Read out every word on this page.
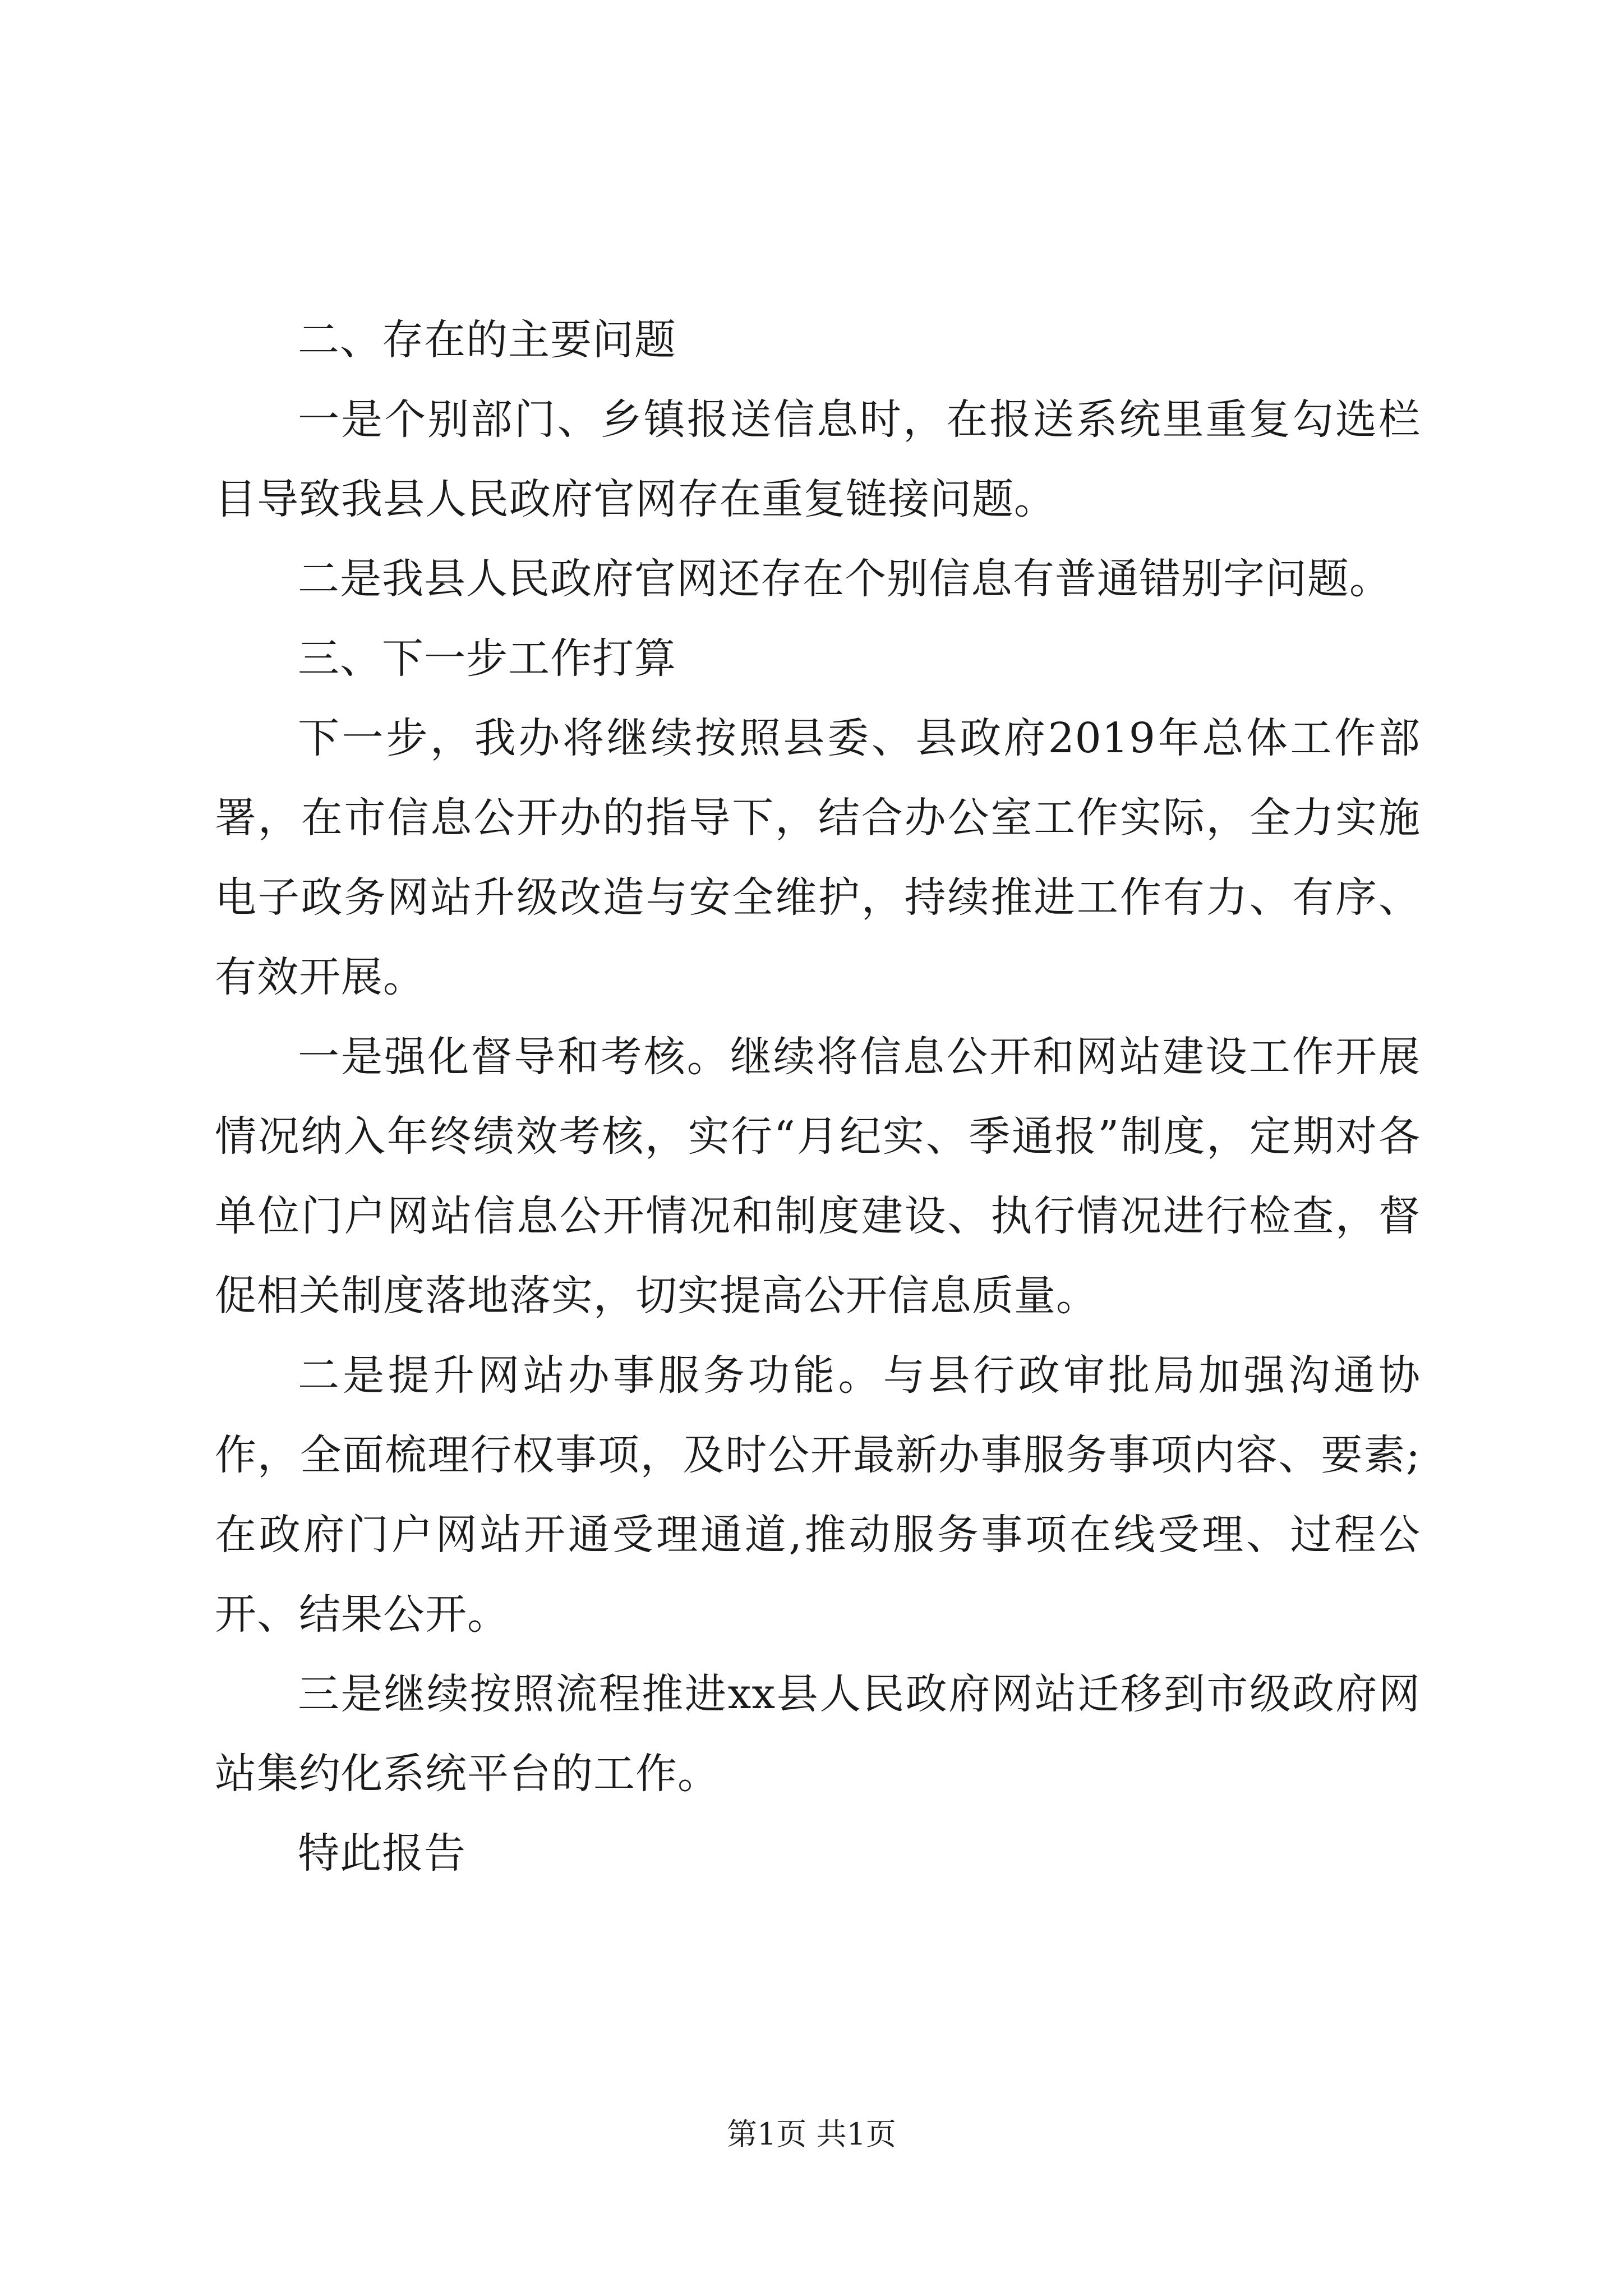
二、存在的主要问题

一是个别部门、乡镇报送信息时，在报送系统里重复勾选栏目导致我县人民政府官网存在重复链接问题。

二是我县人民政府官网还存在个别信息有普通错别字问题。

三、下一步工作打算

下一步，我办将继续按照县委、县政府2019年总体工作部署，在市信息公开办的指导下，结合办公室工作实际，全力实施电子政务网站升级改造与安全维护，持续推进工作有力、有序、有效开展。

一是强化督导和考核。继续将信息公开和网站建设工作开展情况纳入年终绩效考核，实行“月纪实、季通报”制度，定期对各单位门户网站信息公开情况和制度建设、执行情况进行检查，督促相关制度落地落实，切实提高公开信息质量。

二是提升网站办事服务功能。与县行政审批局加强沟通协作，全面梳理行权事项，及时公开最新办事服务事项内容、要素;在政府门户网站开通受理通道,推动服务事项在线受理、过程公开、结果公开。

三是继续按照流程推进xx县人民政府网站迁移到市级政府网站集约化系统平台的工作。

特此报告

第1页 共1页
